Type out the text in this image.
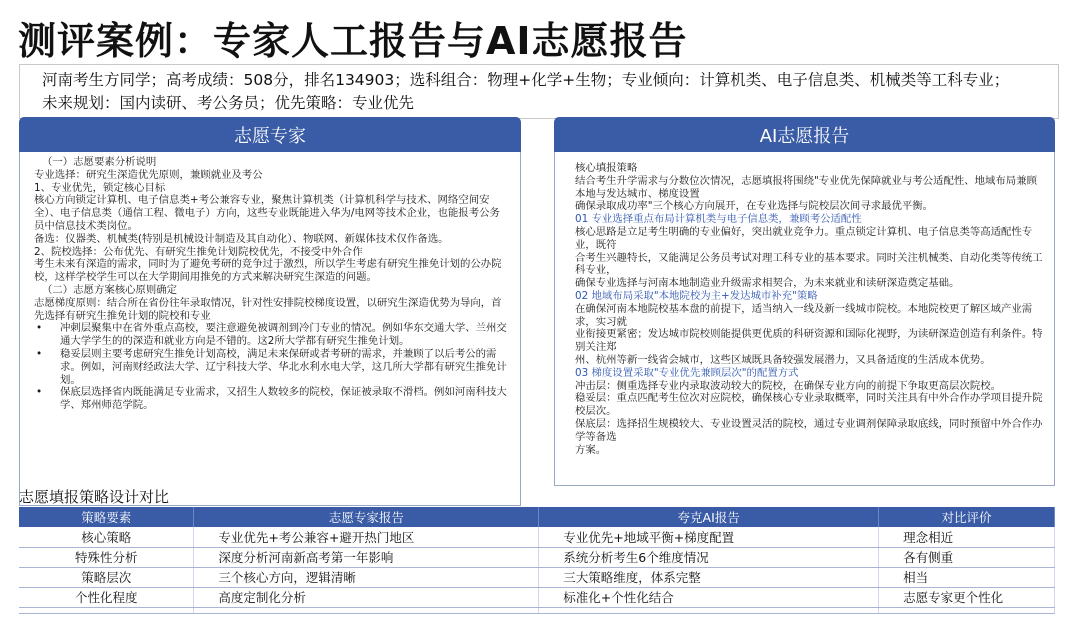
测评案例：专家人工报告与AI志愿报告

河南考生方同学；高考成绩：508分，排名134903；选科组合：物理+化学+生物；专业倾向：计算机类、电子信息类、机械类等工科专业；

未来规划：国内读研、考公务员；优先策略：专业优先

志愿专家

（一）志愿要素分析说明

专业选择：研究生深造优先原则，兼顾就业及考公

1、专业优先，锁定核心目标

核心方向锁定计算机、电子信息类+考公兼容专业，聚焦计算机类（计算机科学与技术、网络空间安全）、电子信息类（通信工程、微电子）方向，这些专业既能进入华为/电网等技术企业，也能报考公务员中信息技术类岗位。

备选：仪器类、机械类(特别是机械设计制造及其自动化）、物联网、新媒体技术仅作备选。

2、院校选择：公布优先、有研究生推免计划院校优先，不接受中外合作

考生未来有深造的需求，同时为了避免考研的竞争过于激烈，所以学生考虑有研究生推免计划的公办院校，这样学校学生可以在大学期间用推免的方式来解决研究生深造的问题。

（二）志愿方案核心原则确定

志愿梯度原则：结合所在省份往年录取情况，针对性安排院校梯度设置，以研究生深造优势为导向，首先选择有研究生推免计划的院校和专业

•	冲刺层聚集中在省外重点高校，要注意避免被调剂到冷门专业的情况。例如华东交通大学、兰州交通大学学生的的深造和就业方向是不错的。这2所大学都有研究生推免计划。
•	稳妥层则主要考虑研究生推免计划高校，满足未来保研或者考研的需求，并兼顾了以后考公的需求。例如，河南财经政法大学、辽宁科技大学、华北水利水电大学，这几所大学都有研究生推免计划。
•	保底层选择省内既能满足专业需求，又招生人数较多的院校，保证被录取不滑档。例如河南科技大学、郑州师范学院。
AI志愿报告

核心填报策略

结合考生升学需求与分数位次情况，志愿填报将围绕"专业优先保障就业与考公适配性、地域布局兼顾本地与发达城市、梯度设置

确保录取成功率"三个核心方向展开，在专业选择与院校层次间寻求最优平衡。

01 专业选择重点布局计算机类与电子信息类，兼顾考公适配性

核心思路是立足考生明确的专业偏好，突出就业竞争力。重点锁定计算机、电子信息类等高适配性专业，既符

合考生兴趣特长，又能满足公务员考试对理工科专业的基本要求。同时关注机械类、自动化类等传统工科专业，

确保专业选择与河南本地制造业升级需求相契合，为未来就业和读研深造奠定基础。

02 地域布局采取"本地院校为主+发达城市补充"策略

在确保河南本地院校基本盘的前提下，适当纳入一线及新一线城市院校。本地院校更了解区域产业需求，实习就

业衔接更紧密；发达城市院校则能提供更优质的科研资源和国际化视野，为读研深造创造有利条件。特别关注郑

州、杭州等新一线省会城市，这些区域既具备较强发展潜力，又具备适度的生活成本优势。

03 梯度设置采取"专业优先兼顾层次"的配置方式

冲击层：侧重选择专业内录取波动较大的院校，在确保专业方向的前提下争取更高层次院校。

稳妥层：重点匹配考生位次对应院校，确保核心专业录取概率，同时关注具有中外合作办学项目提升院校层次。

保底层：选择招生规模较大、专业设置灵活的院校，通过专业调剂保障录取底线，同时预留中外合作办学等备选

方案。

志愿填报策略设计对比
策略要素	志愿专家报告	夸克AI报告	对比评价
核心策略	专业优先+考公兼容+避开热门地区	专业优先+地域平衡+梯度配置	理念相近
特殊性分析	深度分析河南新高考第一年影响	系统分析考生6个维度情况	各有侧重
策略层次	三个核心方向，逻辑清晰	三大策略维度，体系完整	相当
个性化程度	高度定制化分析	标准化+个性化结合	志愿专家更个性化
